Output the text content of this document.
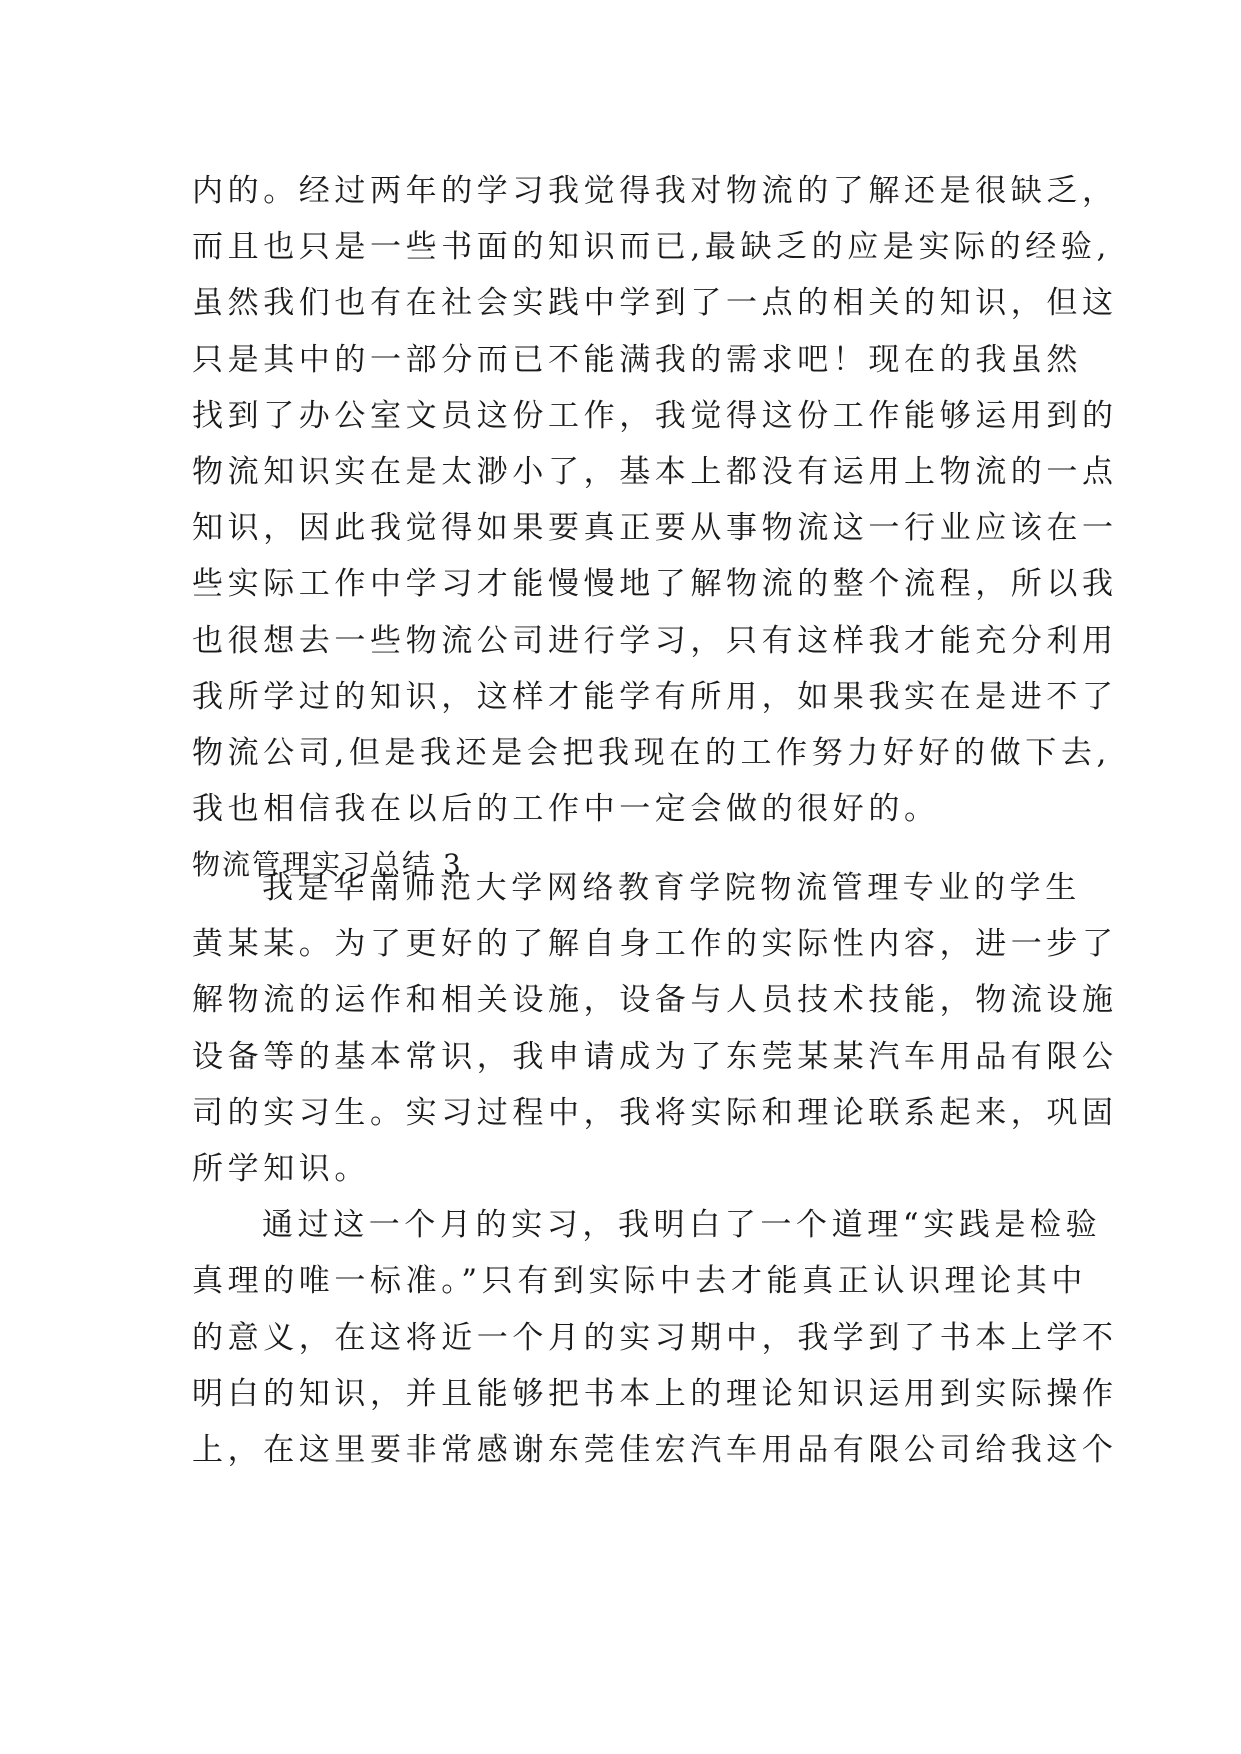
内的。经过两年的学习我觉得我对物流的了解还是很缺乏，
而且也只是一些书面的知识而已,最缺乏的应是实际的经验,
虽然我们也有在社会实践中学到了一点的相关的知识，但这
只是其中的一部分而已不能满我的需求吧！现在的我虽然
找到了办公室文员这份工作，我觉得这份工作能够运用到的
物流知识实在是太渺小了，基本上都没有运用上物流的一点
知识，因此我觉得如果要真正要从事物流这一行业应该在一
些实际工作中学习才能慢慢地了解物流的整个流程，所以我
也很想去一些物流公司进行学习，只有这样我才能充分利用
我所学过的知识，这样才能学有所用，如果我实在是进不了
物流公司,但是我还是会把我现在的工作努力好好的做下去,
我也相信我在以后的工作中一定会做的很好的。
物流管理实习总结 3
我是华南师范大学网络教育学院物流管理专业的学生
黄某某。为了更好的了解自身工作的实际性内容，进一步了
解物流的运作和相关设施，设备与人员技术技能，物流设施
设备等的基本常识，我申请成为了东莞某某汽车用品有限公
司的实习生。实习过程中，我将实际和理论联系起来，巩固
所学知识。
通过这一个月的实习，我明白了一个道理“实践是检验
真理的唯一标准。”只有到实际中去才能真正认识理论其中
的意义，在这将近一个月的实习期中，我学到了书本上学不
明白的知识，并且能够把书本上的理论知识运用到实际操作
上，在这里要非常感谢东莞佳宏汽车用品有限公司给我这个
